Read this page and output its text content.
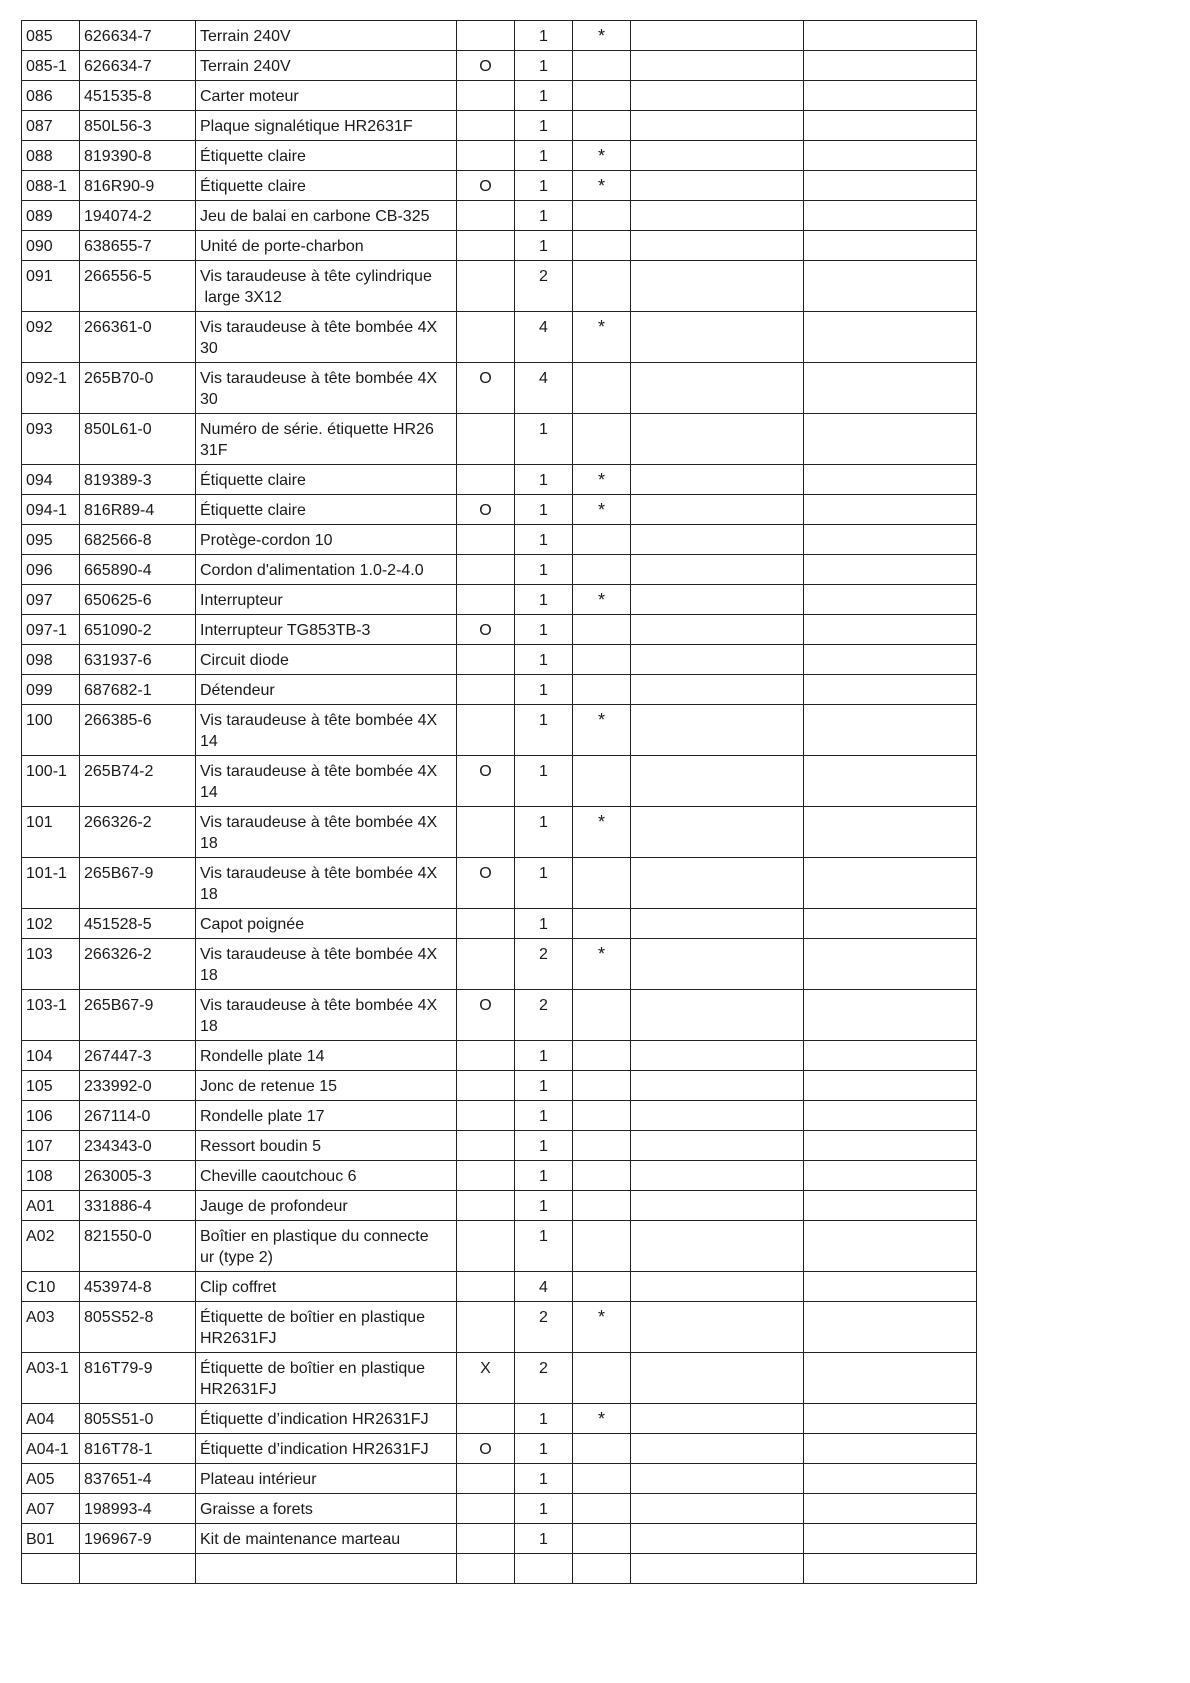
085	626634-7	Terrain 240V		1	*		
085-1	626634-7	Terrain 240V	O	1			
086	451535-8	Carter moteur		1			
087	850L56-3	Plaque signalétique HR2631F		1			
088	819390-8	Étiquette claire		1	*		
088-1	816R90-9	Étiquette claire	O	1	*		
089	194074-2	Jeu de balai en carbone CB-325		1			
090	638655-7	Unité de porte-charbon		1			
091	266556-5	Vis taraudeuse à tête cylindrique
large 3X12		2			
092	266361-0	Vis taraudeuse à tête bombée 4X
30		4	*		
092-1	265B70-0	Vis taraudeuse à tête bombée 4X
30	O	4			
093	850L61-0	Numéro de série. étiquette HR26
31F		1			
094	819389-3	Étiquette claire		1	*		
094-1	816R89-4	Étiquette claire	O	1	*		
095	682566-8	Protège-cordon 10		1			
096	665890-4	Cordon d'alimentation 1.0-2-4.0		1			
097	650625-6	Interrupteur		1	*		
097-1	651090-2	Interrupteur TG853TB-3	O	1			
098	631937-6	Circuit diode		1			
099	687682-1	Détendeur		1			
100	266385-6	Vis taraudeuse à tête bombée 4X
14		1	*		
100-1	265B74-2	Vis taraudeuse à tête bombée 4X
14	O	1			
101	266326-2	Vis taraudeuse à tête bombée 4X
18		1	*		
101-1	265B67-9	Vis taraudeuse à tête bombée 4X
18	O	1			
102	451528-5	Capot poignée		1			
103	266326-2	Vis taraudeuse à tête bombée 4X
18		2	*		
103-1	265B67-9	Vis taraudeuse à tête bombée 4X
18	O	2			
104	267447-3	Rondelle plate 14		1			
105	233992-0	Jonc de retenue 15		1			
106	267114-0	Rondelle plate 17		1			
107	234343-0	Ressort boudin 5		1			
108	263005-3	Cheville caoutchouc 6		1			
A01	331886-4	Jauge de profondeur		1			
A02	821550-0	Boîtier en plastique du connecte
ur (type 2)		1			
C10	453974-8	Clip coffret		4			
A03	805S52-8	Étiquette de boîtier en plastique
HR2631FJ		2	*		
A03-1	816T79-9	Étiquette de boîtier en plastique
HR2631FJ	X	2			
A04	805S51-0	Étiquette d’indication HR2631FJ		1	*		
A04-1	816T78-1	Étiquette d’indication HR2631FJ	O	1			
A05	837651-4	Plateau intérieur		1			
A07	198993-4	Graisse a forets		1			
B01	196967-9	Kit de maintenance marteau		1			
